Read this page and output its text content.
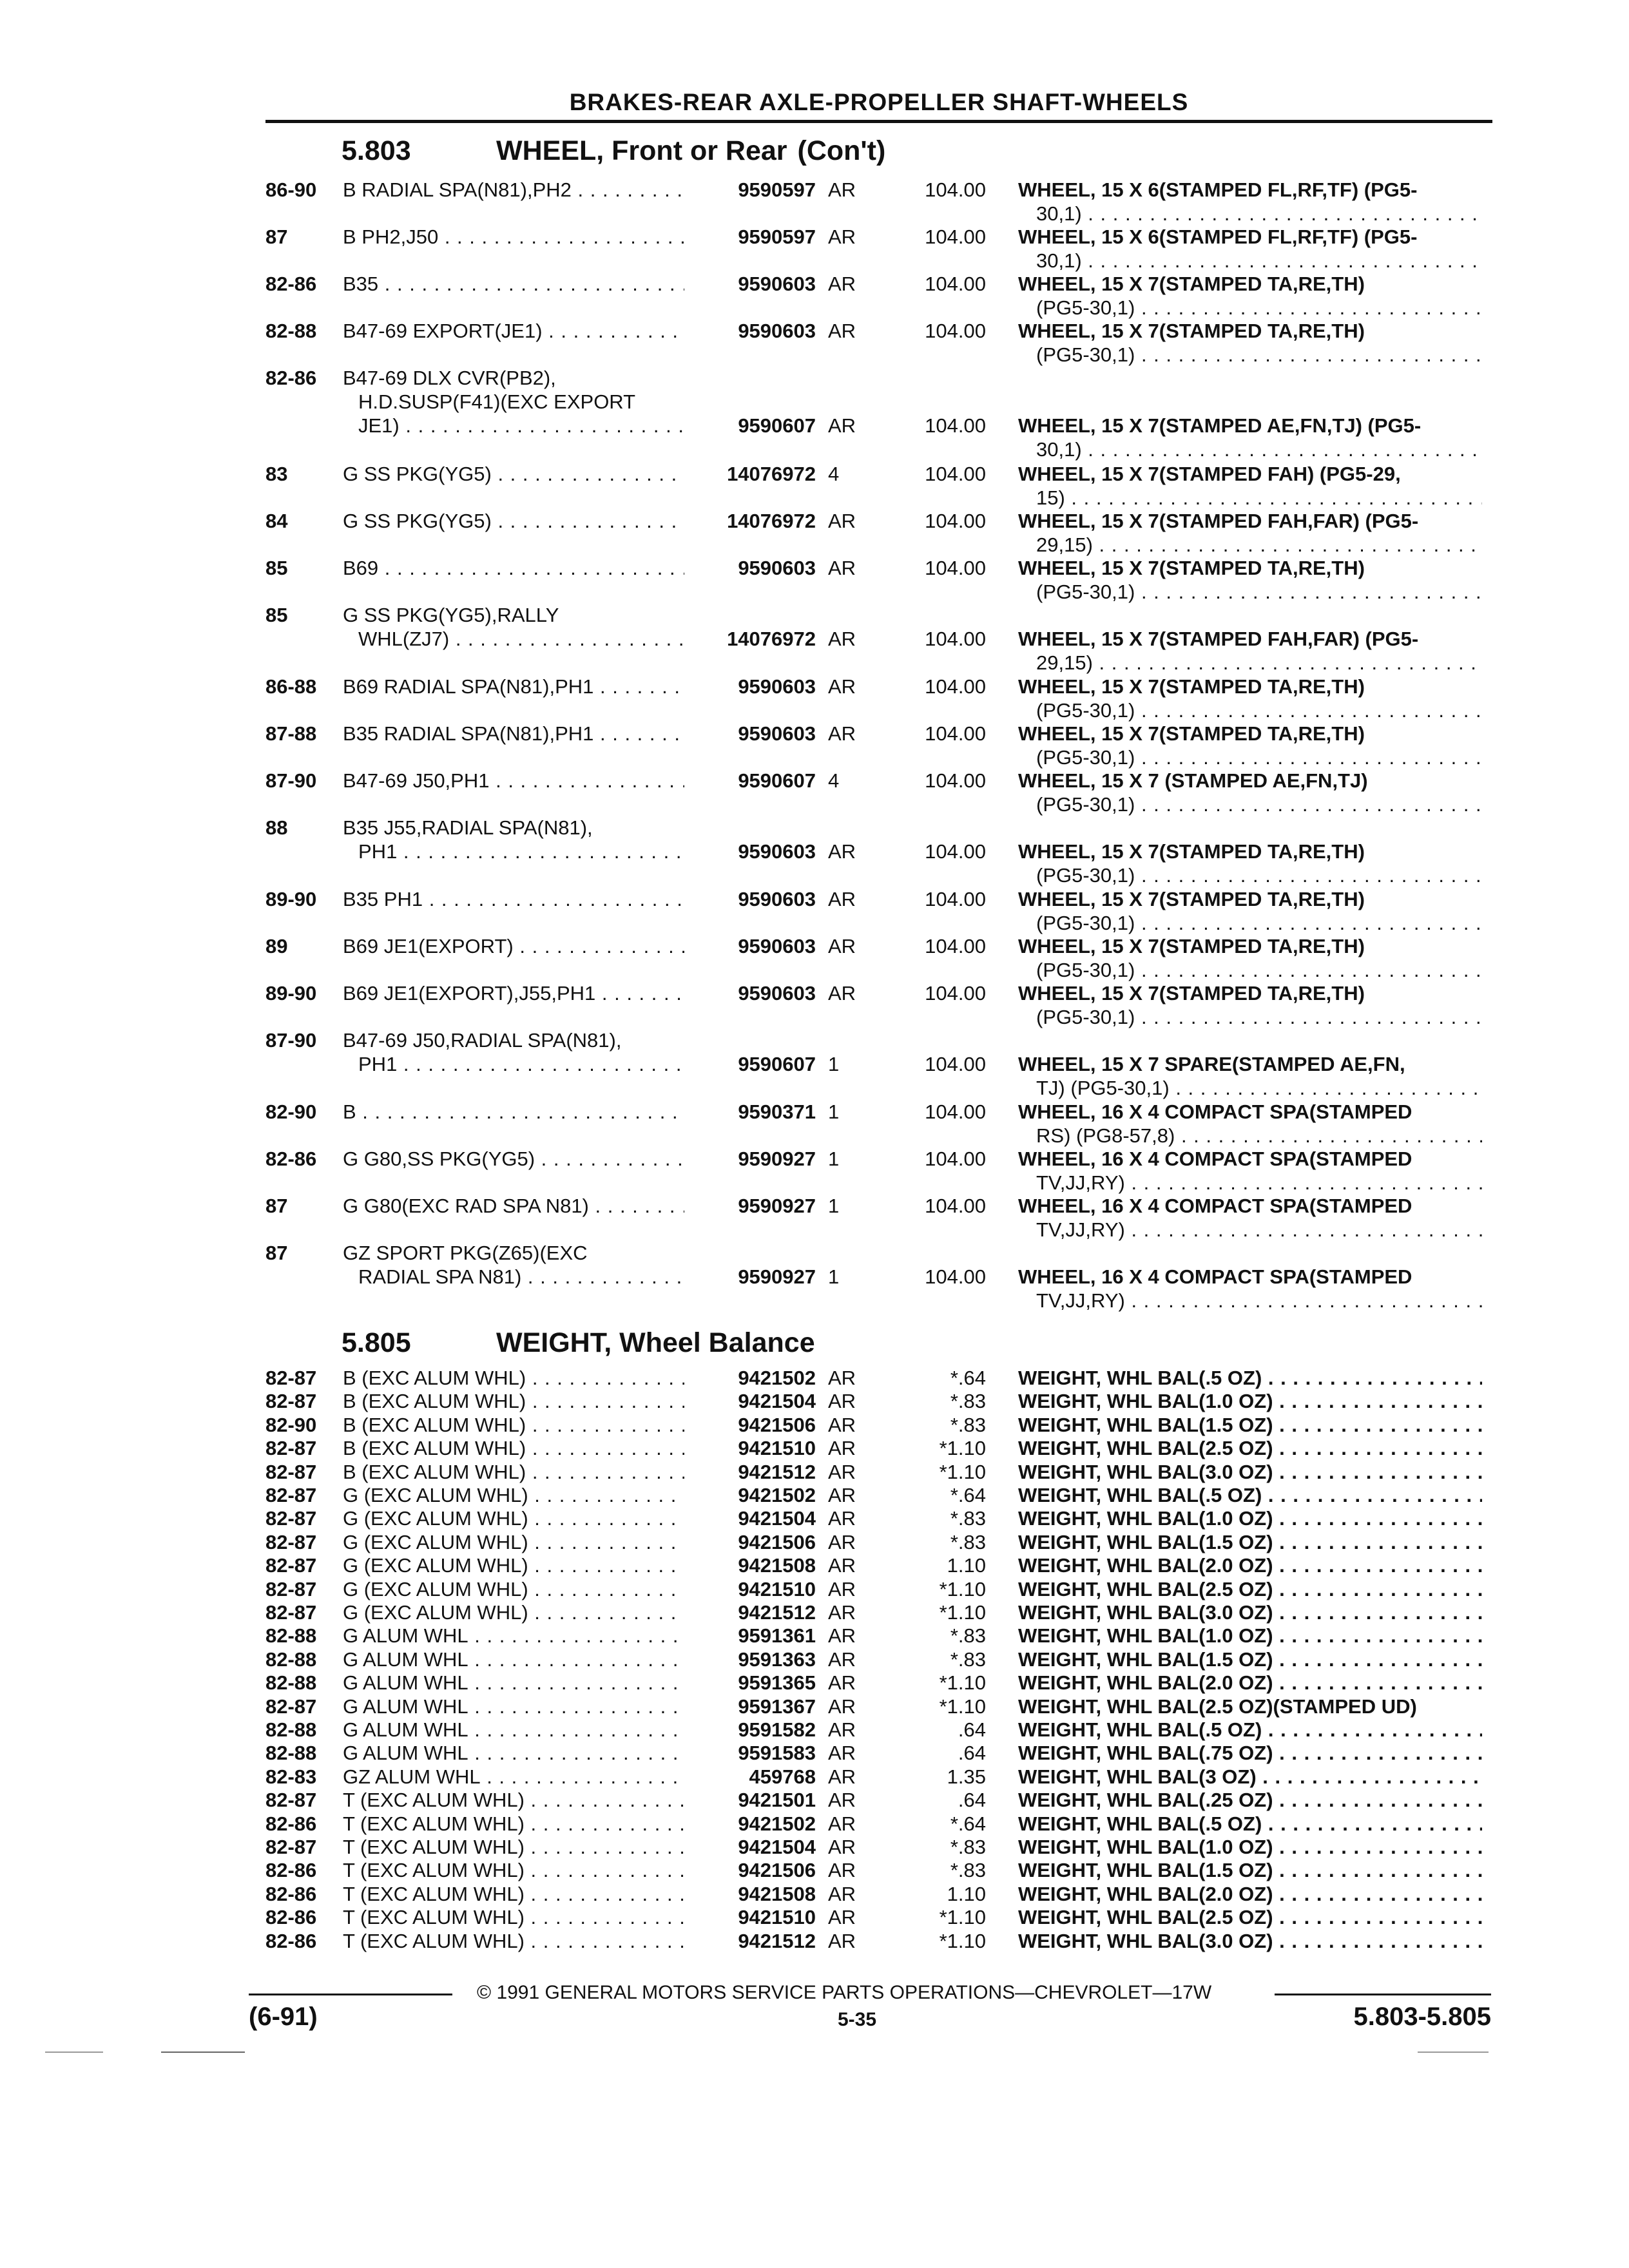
BRAKES-REAR AXLE-PROPELLER SHAFT-WHEELS
5.803	WHEEL, Front or Rear (Con't)
86-90	B RADIAL SPA(N81),PH2 . . .	9590597 AR	104.00 WHEEL, 15 X 6(STAMPED FL,RF,TF) (PG5-
30,1) . . .
87	B PH2,J50 . . .	9590597 AR	104.00 WHEEL, 15 X 6(STAMPED FL,RF,TF) (PG5-
30,1) . . .
82-86	B35 . . .	9590603 AR	104.00 WHEEL, 15 X 7(STAMPED TA,RE,TH)
(PG5-30,1) . . .
82-88	B47-69 EXPORT(JE1) . . .	9590603 AR	104.00 WHEEL, 15 X 7(STAMPED TA,RE,TH)
(PG5-30,1) . . .
82-86	B47-69 DLX CVR(PB2),
H.D.SUSP(F41)(EXC EXPORT
JE1) . . .	9590607 AR	104.00 WHEEL, 15 X 7(STAMPED AE,FN,TJ) (PG5-
30,1) . . .
83	G SS PKG(YG5) . . .	14076972 4	104.00 WHEEL, 15 X 7(STAMPED FAH) (PG5-29,
15) . . .
84	G SS PKG(YG5) . . .	14076972 AR	104.00 WHEEL, 15 X 7(STAMPED FAH,FAR) (PG5-
29,15) . . .
85	B69 . . .	9590603 AR	104.00 WHEEL, 15 X 7(STAMPED TA,RE,TH)
(PG5-30,1) . . .
85	G SS PKG(YG5),RALLY
WHL(ZJ7) . . .	14076972 AR	104.00 WHEEL, 15 X 7(STAMPED FAH,FAR) (PG5-
29,15) . . .
86-88	B69 RADIAL SPA(N81),PH1 . . .	9590603 AR	104.00 WHEEL, 15 X 7(STAMPED TA,RE,TH)
(PG5-30,1) . . .
87-88	B35 RADIAL SPA(N81),PH1 . . .	9590603 AR	104.00 WHEEL, 15 X 7(STAMPED TA,RE,TH)
(PG5-30,1) . . .
87-90	B47-69 J50,PH1 . . .	9590607 4	104.00 WHEEL, 15 X 7 (STAMPED AE,FN,TJ)
(PG5-30,1) . . .
88	B35 J55,RADIAL SPA(N81),
PH1 . . .	9590603 AR	104.00 WHEEL, 15 X 7(STAMPED TA,RE,TH)
(PG5-30,1) . . .
89-90	B35 PH1 . . .	9590603 AR	104.00 WHEEL, 15 X 7(STAMPED TA,RE,TH)
(PG5-30,1) . . .
89	B69 JE1(EXPORT) . . .	9590603 AR	104.00 WHEEL, 15 X 7(STAMPED TA,RE,TH)
(PG5-30,1) . . .
89-90	B69 JE1(EXPORT),J55,PH1 . . .	9590603 AR	104.00 WHEEL, 15 X 7(STAMPED TA,RE,TH)
(PG5-30,1) . . .
87-90	B47-69 J50,RADIAL SPA(N81),
PH1 . . .	9590607 1	104.00 WHEEL, 15 X 7 SPARE(STAMPED AE,FN,
TJ) (PG5-30,1) . . .
82-90	B . . .	9590371 1	104.00 WHEEL, 16 X 4 COMPACT SPA(STAMPED
RS) (PG8-57,8) . . .
82-86	G G80,SS PKG(YG5) . . .	9590927 1	104.00 WHEEL, 16 X 4 COMPACT SPA(STAMPED
TV,JJ,RY) . . .
87	G G80(EXC RAD SPA N81) . . .	9590927 1	104.00 WHEEL, 16 X 4 COMPACT SPA(STAMPED
TV,JJ,RY) . . .
87	GZ SPORT PKG(Z65)(EXC
RADIAL SPA N81) . . .	9590927 1	104.00 WHEEL, 16 X 4 COMPACT SPA(STAMPED
TV,JJ,RY) . . .
5.805	WEIGHT, Wheel Balance
82-87	B (EXC ALUM WHL) . . .	9421502 AR	*.64 WEIGHT, WHL BAL(.5 OZ) . . .
82-87	B (EXC ALUM WHL) . . .	9421504 AR	*.83 WEIGHT, WHL BAL(1.0 OZ) . . .
82-90	B (EXC ALUM WHL) . . .	9421506 AR	*.83 WEIGHT, WHL BAL(1.5 OZ) . . .
82-87	B (EXC ALUM WHL) . . .	9421510 AR	*1.10 WEIGHT, WHL BAL(2.5 OZ) . . .
82-87	B (EXC ALUM WHL) . . .	9421512 AR	*1.10 WEIGHT, WHL BAL(3.0 OZ) . . .
82-87	G (EXC ALUM WHL) . . .	9421502 AR	*.64 WEIGHT, WHL BAL(.5 OZ) . . .
82-87	G (EXC ALUM WHL) . . .	9421504 AR	*.83 WEIGHT, WHL BAL(1.0 OZ) . . .
82-87	G (EXC ALUM WHL) . . .	9421506 AR	*.83 WEIGHT, WHL BAL(1.5 OZ) . . .
82-87	G (EXC ALUM WHL) . . .	9421508 AR	1.10 WEIGHT, WHL BAL(2.0 OZ) . . .
82-87	G (EXC ALUM WHL) . . .	9421510 AR	*1.10 WEIGHT, WHL BAL(2.5 OZ) . . .
82-87	G (EXC ALUM WHL) . . .	9421512 AR	*1.10 WEIGHT, WHL BAL(3.0 OZ) . . .
82-88	G ALUM WHL . . .	9591361 AR	*.83 WEIGHT, WHL BAL(1.0 OZ) . . .
82-88	G ALUM WHL . . .	9591363 AR	*.83 WEIGHT, WHL BAL(1.5 OZ) . . .
82-88	G ALUM WHL . . .	9591365 AR	*1.10 WEIGHT, WHL BAL(2.0 OZ) . . .
82-87	G ALUM WHL . . .	9591367 AR	*1.10 WEIGHT, WHL BAL(2.5 OZ)(STAMPED UD)
82-88	G ALUM WHL . . .	9591582 AR	.64 WEIGHT, WHL BAL(.5 OZ) . . .
82-88	G ALUM WHL . . .	9591583 AR	.64 WEIGHT, WHL BAL(.75 OZ) . . .
82-83	GZ ALUM WHL . . .	459768 AR	1.35 WEIGHT, WHL BAL(3 OZ) . . .
82-87	T (EXC ALUM WHL) . . .	9421501 AR	.64 WEIGHT, WHL BAL(.25 OZ) . . .
82-86	T (EXC ALUM WHL) . . .	9421502 AR	*.64 WEIGHT, WHL BAL(.5 OZ) . . .
82-87	T (EXC ALUM WHL) . . .	9421504 AR	*.83 WEIGHT, WHL BAL(1.0 OZ) . . .
82-86	T (EXC ALUM WHL) . . .	9421506 AR	*.83 WEIGHT, WHL BAL(1.5 OZ) . . .
82-86	T (EXC ALUM WHL) . . .	9421508 AR	1.10 WEIGHT, WHL BAL(2.0 OZ) . . .
82-86	T (EXC ALUM WHL) . . .	9421510 AR	*1.10 WEIGHT, WHL BAL(2.5 OZ) . . .
82-86	T (EXC ALUM WHL) . . .	9421512 AR	*1.10 WEIGHT, WHL BAL(3.0 OZ) . . .
© 1991 GENERAL MOTORS SERVICE PARTS OPERATIONS—CHEVROLET—17W
(6-91)	5-35	5.803-5.805
